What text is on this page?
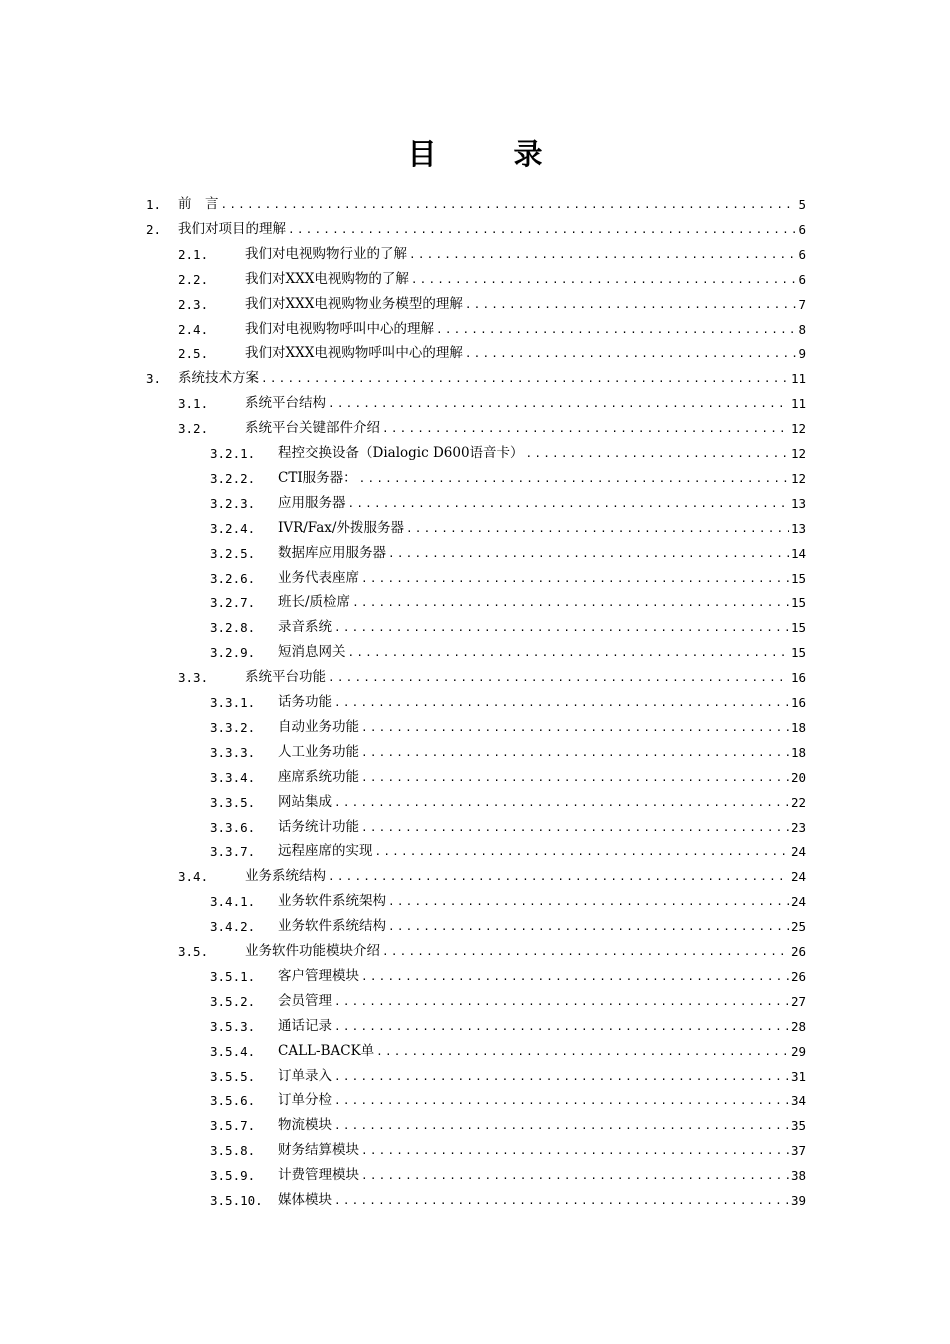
目　录
1.	前　言 .....	5
2.	我们对项目的理解 .....	6
2.1.	我们对电视购物行业的了解 .....	6
2.2.	我们对XXX电视购物的了解 .....	6
2.3.	我们对XXX电视购物业务模型的理解 .....	7
2.4.	我们对电视购物呼叫中心的理解 .....	8
2.5.	我们对XXX电视购物呼叫中心的理解 .....	9
3.	系统技术方案 .....	11
3.1.	系统平台结构 .....	11
3.2.	系统平台关键部件介绍 .....	12
3.2.1.	程控交换设备（Dialogic D600语音卡） .....	12
3.2.2.	CTI服务器： .....	12
3.2.3.	应用服务器 .....	13
3.2.4.	IVR/Fax/外拨服务器 .....	13
3.2.5.	数据库应用服务器 .....	14
3.2.6.	业务代表座席 .....	15
3.2.7.	班长/质检席 .....	15
3.2.8.	录音系统 .....	15
3.2.9.	短消息网关 .....	15
3.3.	系统平台功能 .....	16
3.3.1.	话务功能 .....	16
3.3.2.	自动业务功能 .....	18
3.3.3.	人工业务功能 .....	18
3.3.4.	座席系统功能 .....	20
3.3.5.	网站集成 .....	22
3.3.6.	话务统计功能 .....	23
3.3.7.	远程座席的实现 .....	24
3.4.	业务系统结构 .....	24
3.4.1.	业务软件系统架构 .....	24
3.4.2.	业务软件系统结构 .....	25
3.5.	业务软件功能模块介绍 .....	26
3.5.1.	客户管理模块 .....	26
3.5.2.	会员管理 .....	27
3.5.3.	通话记录 .....	28
3.5.4.	CALL-BACK单 .....	29
3.5.5.	订单录入 .....	31
3.5.6.	订单分检 .....	34
3.5.7.	物流模块 .....	35
3.5.8.	财务结算模块 .....	37
3.5.9.	计费管理模块 .....	38
3.5.10.	媒体模块 .....	39
